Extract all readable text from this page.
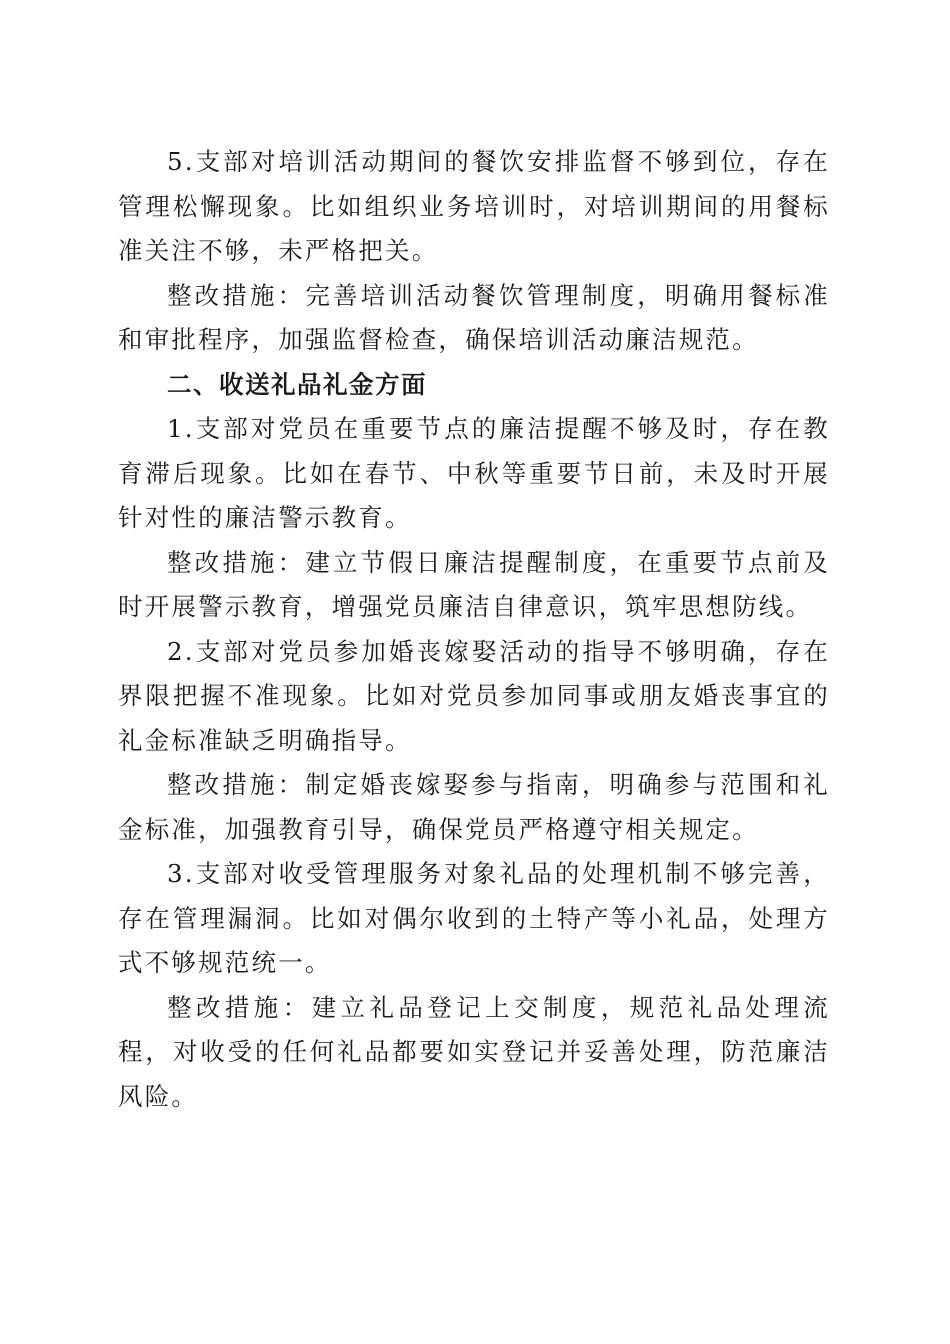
5.支部对培训活动期间的餐饮安排监督不够到位，存在管理松懈现象。比如组织业务培训时，对培训期间的用餐标准关注不够，未严格把关。

整改措施：完善培训活动餐饮管理制度，明确用餐标准和审批程序，加强监督检查，确保培训活动廉洁规范。

二、收送礼品礼金方面

1.支部对党员在重要节点的廉洁提醒不够及时，存在教育滞后现象。比如在春节、中秋等重要节日前，未及时开展针对性的廉洁警示教育。

整改措施：建立节假日廉洁提醒制度，在重要节点前及时开展警示教育，增强党员廉洁自律意识，筑牢思想防线。

2.支部对党员参加婚丧嫁娶活动的指导不够明确，存在界限把握不准现象。比如对党员参加同事或朋友婚丧事宜的礼金标准缺乏明确指导。

整改措施：制定婚丧嫁娶参与指南，明确参与范围和礼金标准，加强教育引导，确保党员严格遵守相关规定。

3.支部对收受管理服务对象礼品的处理机制不够完善，存在管理漏洞。比如对偶尔收到的土特产等小礼品，处理方式不够规范统一。

整改措施：建立礼品登记上交制度，规范礼品处理流程，对收受的任何礼品都要如实登记并妥善处理，防范廉洁风险。
